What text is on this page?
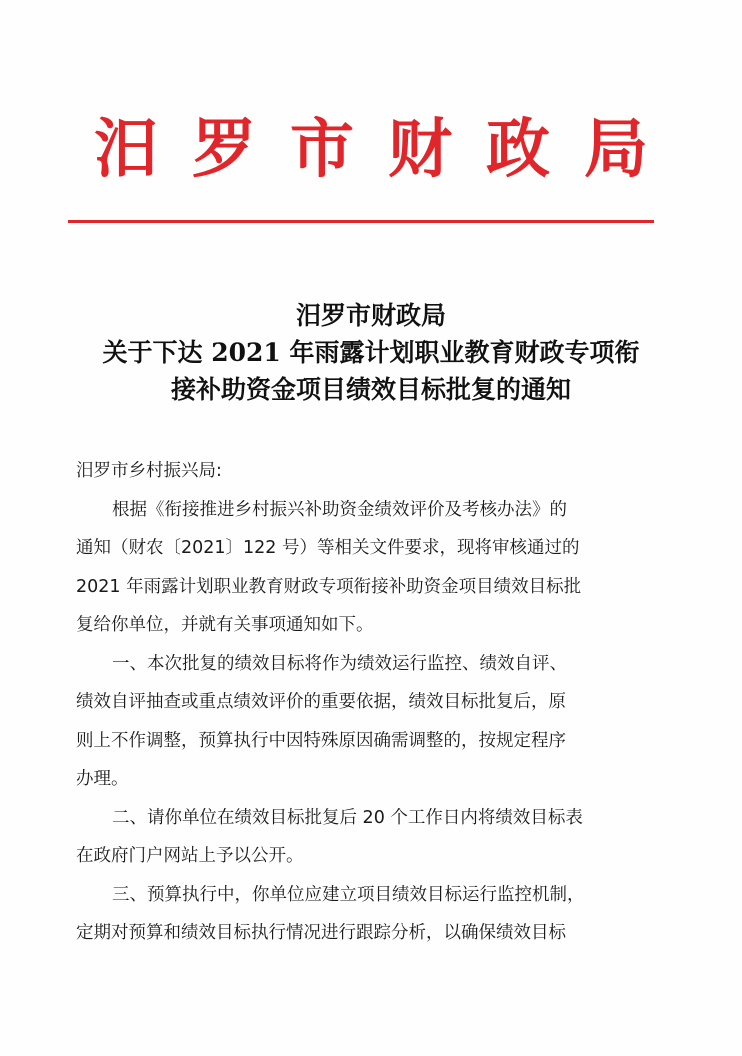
汨罗市财政局
汨罗市财政局
关于下达 2021 年雨露计划职业教育财政专项衔
接补助资金项目绩效目标批复的通知
汨罗市乡村振兴局:
根据《衔接推进乡村振兴补助资金绩效评价及考核办法》的
通知（财农〔2021〕122 号）等相关文件要求，现将审核通过的
2021 年雨露计划职业教育财政专项衔接补助资金项目绩效目标批
复给你单位，并就有关事项通知如下。
一、本次批复的绩效目标将作为绩效运行监控、绩效自评、
绩效自评抽查或重点绩效评价的重要依据，绩效目标批复后，原
则上不作调整，预算执行中因特殊原因确需调整的，按规定程序
办理。
二、请你单位在绩效目标批复后 20 个工作日内将绩效目标表
在政府门户网站上予以公开。
三、预算执行中，你单位应建立项目绩效目标运行监控机制，
定期对预算和绩效目标执行情况进行跟踪分析，以确保绩效目标
